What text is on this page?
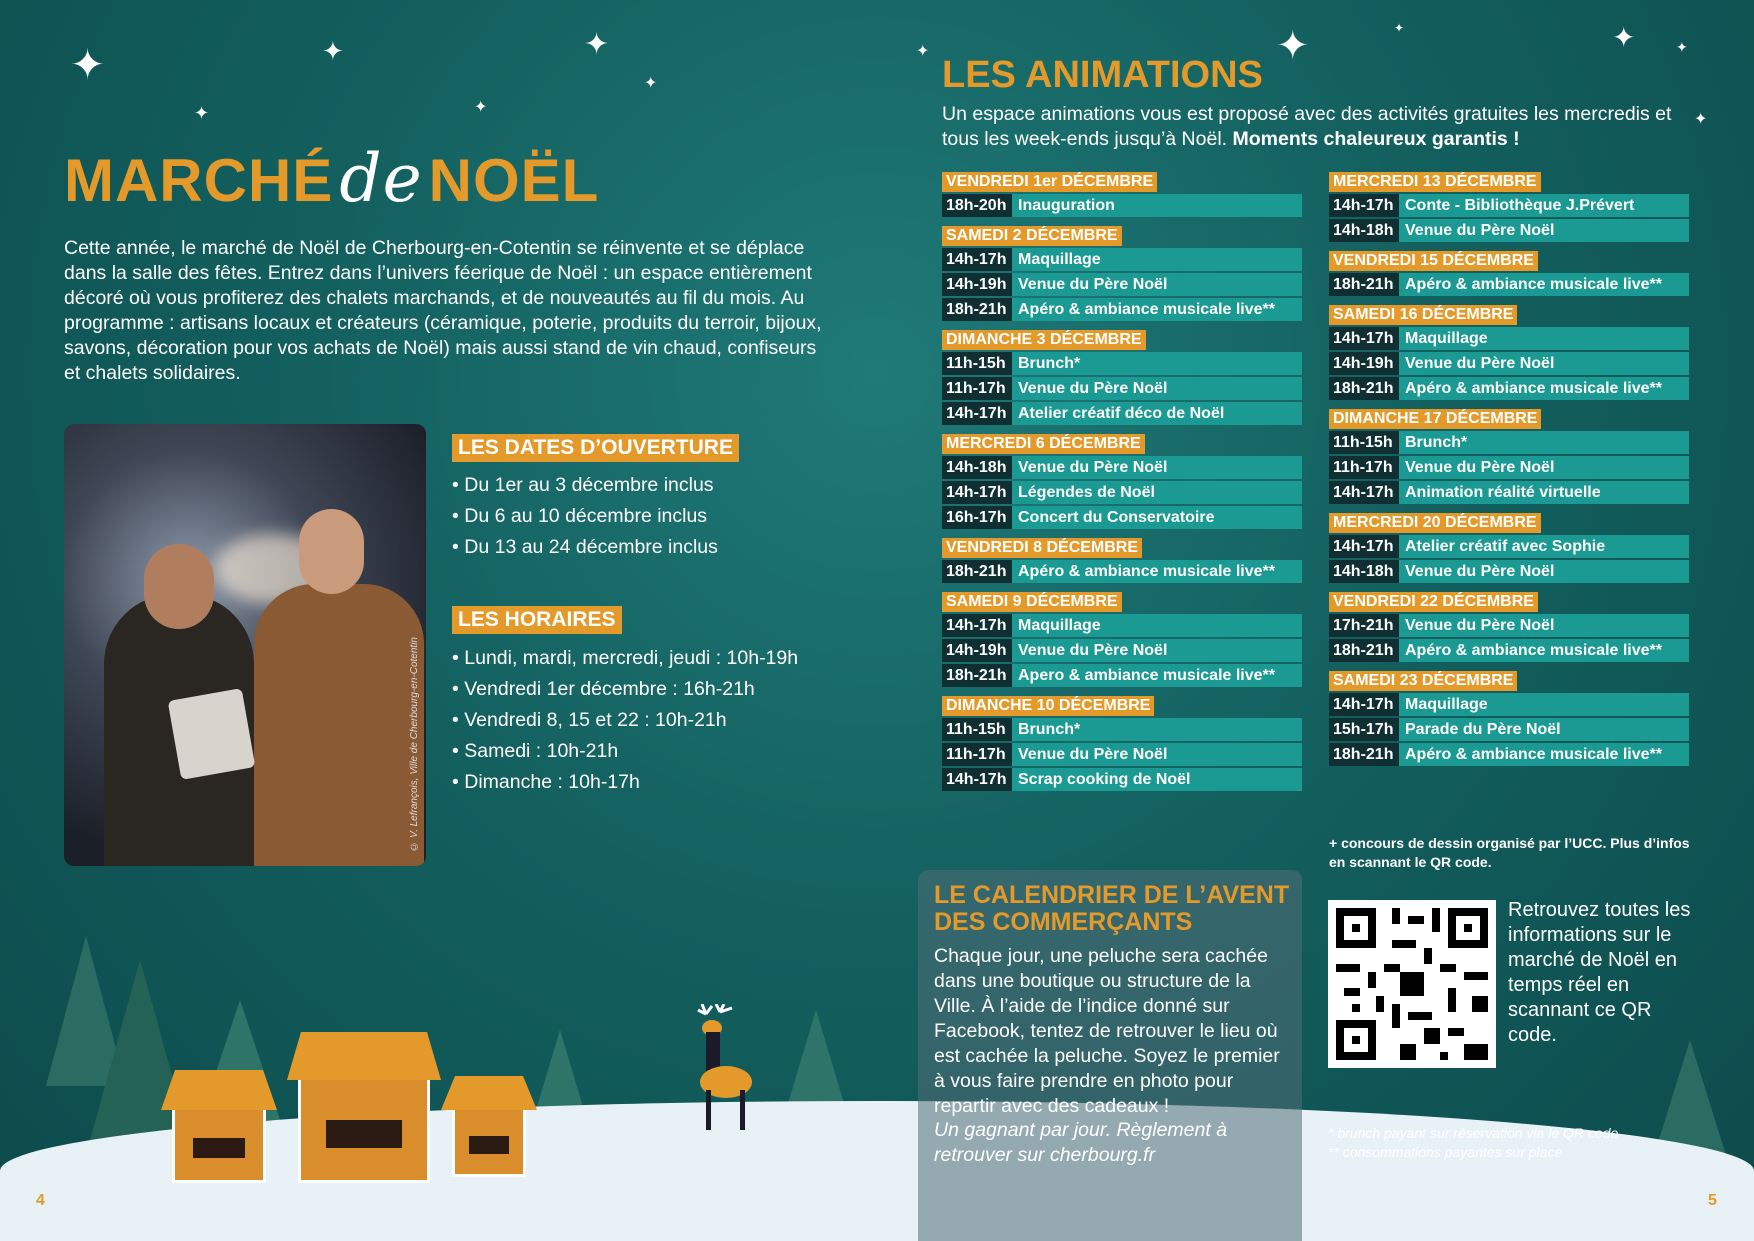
✦	✦	✦
✦	✦
✦
✦	✦	✦	✦
✦
✦
MARCHÉde NOËL
Cette année, le marché de Noël de Cherbourg-en-Cotentin se réinvente et se déplace dans la salle des fêtes. Entrez dans l’univers féerique de Noël : un espace entièrement décoré où vous profiterez des chalets marchands, et de nouveautés au fil du mois. Au programme : artisans locaux et créateurs (céramique, poterie, produits du terroir, bijoux, savons, décoration pour vos achats de Noël) mais aussi stand de vin chaud, confiseurs et chalets solidaires.
© V. Lefrançois, Ville de Cherbourg-en-Cotentin
LES DATES D’OUVERTURE
• Du 1er au 3 décembre inclus
• Du 6 au 10 décembre inclus
• Du 13 au 24 décembre inclus
LES HORAIRES
• Lundi, mardi, mercredi, jeudi : 10h-19h
• Vendredi 1er décembre : 16h-21h
• Vendredi 8, 15 et 22 : 10h-21h
• Samedi : 10h-21h
• Dimanche : 10h-17h
4
LES ANIMATIONS
Un espace animations vous est proposé avec des activités gratuites les mercredis et tous les week-ends jusqu’à Noël. Moments chaleureux garantis !
VENDREDI 1er DÉCEMBRE
18h-20h Inauguration
SAMEDI 2 DÉCEMBRE
14h-17h Maquillage
14h-19h Venue du Père Noël
18h-21h Apéro & ambiance musicale live**
DIMANCHE 3 DÉCEMBRE
11h-15h Brunch*
11h-17h Venue du Père Noël
14h-17h Atelier créatif déco de Noël
MERCREDI 6 DÉCEMBRE
14h-18h Venue du Père Noël
14h-17h Légendes de Noël
16h-17h Concert du Conservatoire
VENDREDI 8 DÉCEMBRE
18h-21h Apéro & ambiance musicale live**
SAMEDI 9 DÉCEMBRE
14h-17h Maquillage
14h-19h Venue du Père Noël
18h-21h Apero & ambiance musicale live**
DIMANCHE 10 DÉCEMBRE
11h-15h Brunch*
11h-17h Venue du Père Noël
14h-17h Scrap cooking de Noël
MERCREDI 13 DÉCEMBRE
14h-17h Conte - Bibliothèque J.Prévert
14h-18h Venue du Père Noël
VENDREDI 15 DÉCEMBRE
18h-21h Apéro & ambiance musicale live**
SAMEDI 16 DÉCEMBRE
14h-17h Maquillage
14h-19h Venue du Père Noël
18h-21h Apéro & ambiance musicale live**
DIMANCHE 17 DÉCEMBRE
11h-15h Brunch*
11h-17h Venue du Père Noël
14h-17h Animation réalité virtuelle
MERCREDI 20 DÉCEMBRE
14h-17h Atelier créatif avec Sophie
14h-18h Venue du Père Noël
VENDREDI 22 DÉCEMBRE
17h-21h Venue du Père Noël
18h-21h Apéro & ambiance musicale live**
SAMEDI 23 DÉCEMBRE
14h-17h Maquillage
15h-17h Parade du Père Noël
18h-21h Apéro & ambiance musicale live**
+ concours de dessin organisé par l’UCC. Plus d’infos en scannant le QR code.
Retrouvez toutes les informations sur le marché de Noël en temps réel en scannant ce QR code.
* brunch payant sur réservation via le QR code
** consommations payantes sur place
LE CALENDRIER DE L’AVENT DES COMMERÇANTS

Chaque jour, une peluche sera cachée dans une boutique ou structure de la Ville. À l’aide de l’indice donné sur Facebook, tentez de retrouver le lieu où est cachée la peluche. Soyez le premier à vous faire prendre en photo pour repartir avec des cadeaux !

Un gagnant par jour. Règlement à retrouver sur cherbourg.fr
5
